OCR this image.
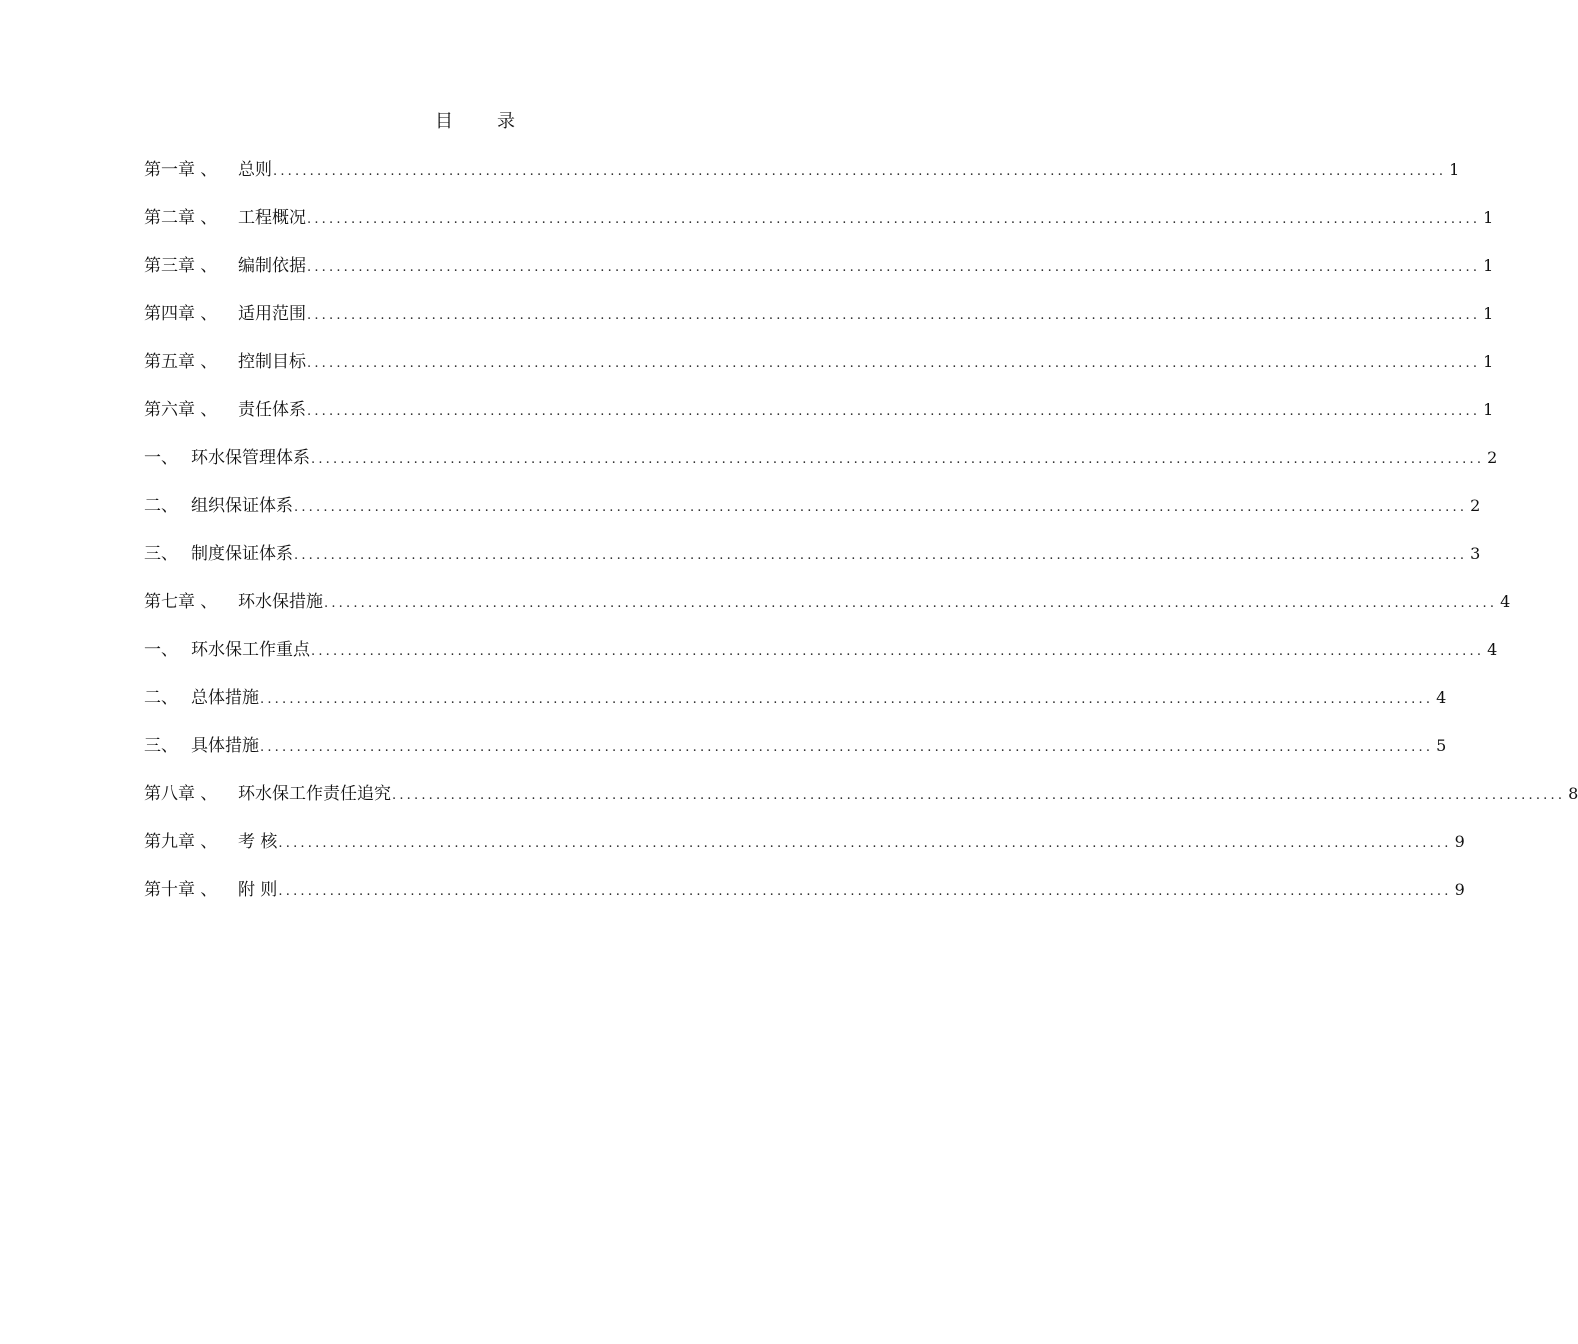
目 录
第一章 、	总则 ................................................................................................................................................................ 1
第二章 、	工程概况 ................................................................................................................................................................ 1
第三章 、	编制依据 ................................................................................................................................................................ 1
第四章 、	适用范围 ................................................................................................................................................................ 1
第五章 、	控制目标 ................................................................................................................................................................ 1
第六章 、	责任体系 ................................................................................................................................................................ 1
一、 环水保管理体系 ................................................................................................................................................................ 2
二、 组织保证体系 ................................................................................................................................................................ 2
三、 制度保证体系 ................................................................................................................................................................ 3
第七章 、	环水保措施 ................................................................................................................................................................ 4
一、 环水保工作重点 ................................................................................................................................................................ 4
二、 总体措施 ................................................................................................................................................................ 4
三、 具体措施 ................................................................................................................................................................ 5
第八章 、	环水保工作责任追究 ................................................................................................................................................................ 8
第九章 、	考 核 ................................................................................................................................................................ 9
第十章 、	附 则 ................................................................................................................................................................ 9
